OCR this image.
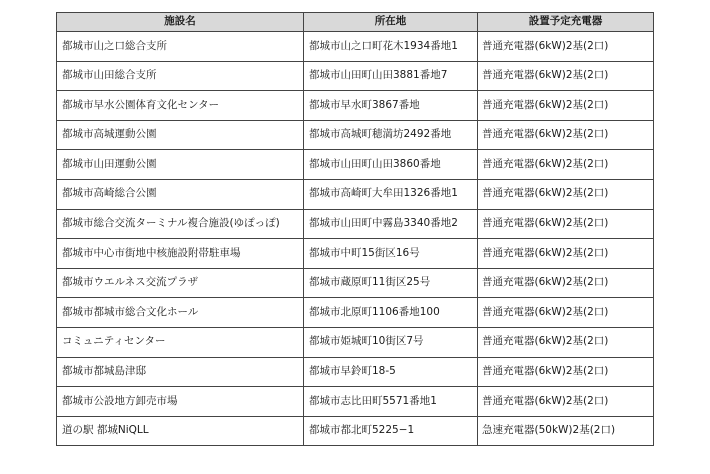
施設名	所在地	設置予定充電器
都城市山之口総合支所	都城市山之口町花木1934番地1	普通充電器(6kW)2基(2口)
都城市山田総合支所	都城市山田町山田3881番地7	普通充電器(6kW)2基(2口)
都城市早水公園体育文化センター	都城市早水町3867番地	普通充電器(6kW)2基(2口)
都城市高城運動公園	都城市高城町穂満坊2492番地	普通充電器(6kW)2基(2口)
都城市山田運動公園	都城市山田町山田3860番地	普通充電器(6kW)2基(2口)
都城市高崎総合公園	都城市高崎町大牟田1326番地1	普通充電器(6kW)2基(2口)
都城市総合交流ターミナル複合施設(ゆぽっぽ)	都城市山田町中霧島3340番地2	普通充電器(6kW)2基(2口)
都城市中心市街地中核施設附帯駐車場	都城市中町15街区16号	普通充電器(6kW)2基(2口)
都城市ウエルネス交流プラザ	都城市蔵原町11街区25号	普通充電器(6kW)2基(2口)
都城市都城市総合文化ホール	都城市北原町1106番地100	普通充電器(6kW)2基(2口)
コミュニティセンター	都城市姫城町10街区7号	普通充電器(6kW)2基(2口)
都城市都城島津邸	都城市早鈴町18-5	普通充電器(6kW)2基(2口)
都城市公設地方卸売市場	都城市志比田町5571番地1	普通充電器(6kW)2基(2口)
道の駅 都城NiQLL	都城市都北町5225−1	急速充電器(50kW)2基(2口)
